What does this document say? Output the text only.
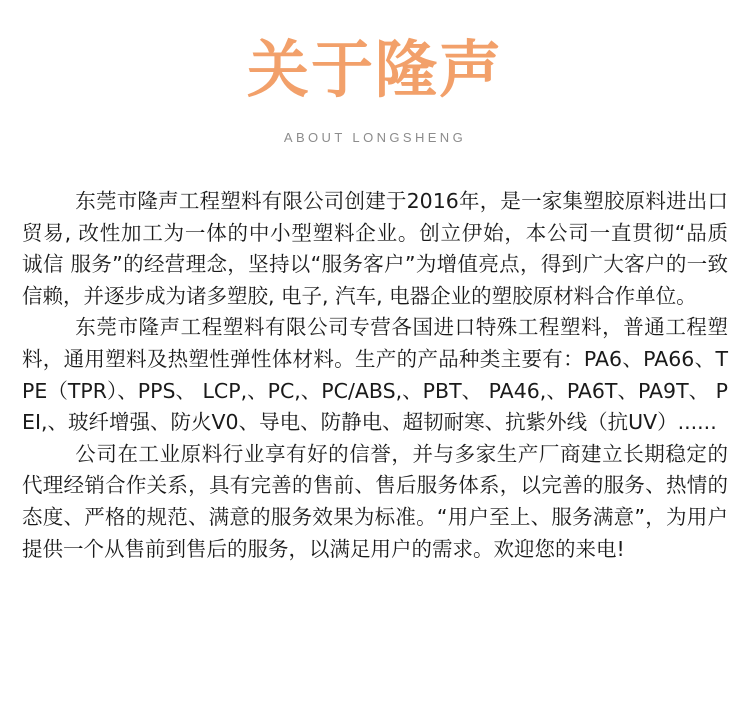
关于隆声
ABOUT LONGSHENG

东莞市隆声工程塑料有限公司创建于2016年，是一家集塑胶原料进出口贸易, 改性加工为一体的中小型塑料企业。创立伊始，本公司一直贯彻“品质 诚信 服务”的经营理念，坚持以“服务客户”为增值亮点，得到广大客户的一致信赖，并逐步成为诸多塑胶, 电子, 汽车, 电器企业的塑胶原材料合作单位。

东莞市隆声工程塑料有限公司专营各国进口特殊工程塑料，普通工程塑料，通用塑料及热塑性弹性体材料。生产的产品种类主要有：PA6、PA66、TPE（TPR）、PPS、 LCP,、PC,、PC/ABS,、PBT、 PA46,、PA6T、PA9T、 PEI,、玻纤增强、防火V0、导电、防静电、超韧耐寒、抗紫外线（抗UV）......

公司在工业原料行业享有好的信誉，并与多家生产厂商建立长期稳定的代理经销合作关系，具有完善的售前、售后服务体系，以完善的服务、热情的态度、严格的规范、满意的服务效果为标准。“用户至上、服务满意”，为用户提供一个从售前到售后的服务，以满足用户的需求。欢迎您的来电!
